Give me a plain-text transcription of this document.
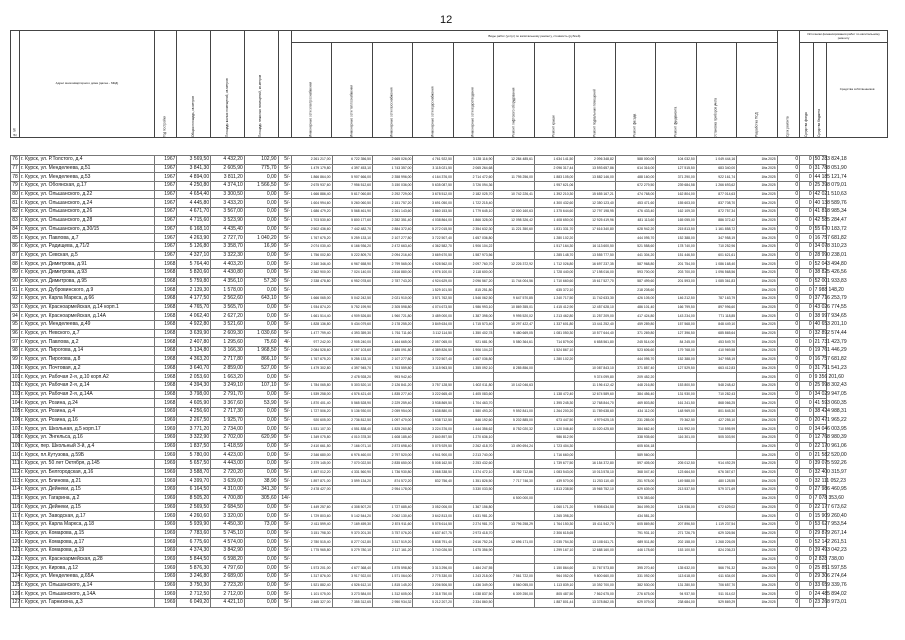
12
№ п/п	Адрес многоквартирного дома (далее - МКД)	Год постройки	Общая площадь, кв.метров	Площадь жилых помещений, кв.метров	Площадь нежилых помещений, кв.метров		Виды работ (услуг) по капитальному ремонту, стоимость (рублей)												Срок ремонта	Источники финансирования работ по капитальному ремонту		
							Инженерные сети электроснабжения	Инженерные сети теплоснабжения	Инженерные сети газоснабжения	Инженерные сети водоснабжения	Инженерные сети водоотведения	Ремонт лифтового оборудования	Ремонт крыши	Ремонт подвальных помещений	Ремонт фасада	Ремонт фундамента	Установка приборов учета	Разработка ПСД		Средства фонда	Средства бюджета	Средства собственников
76	г. Курск, ул. Р.Толстого, д.4	1967	3 569,50	4 432,20	102,90	5/-	2 261 217,00	6 722 356,50	2 665 026,00	4 761 922,50	3 135 116,90	12 284 485,61	1 634 141,50	2 096 348,82	588 000,00	104 032,50	1 049 444,16	1Кв.2025	0	0	50 283 824,18
77	г. Курск, ул. Менделеева, д.51	1967	3 841,30	2 605,90	775,70	5/-	1 479 179,80	4 397 453,10	1 743 357,00	3 115 021,50	2 065 264,68		2 096 317,44	13 593 657,86	614 316,00	127 515,50	683 340,00	1Кв.2025	0	0	31 788 051,90
78	г. Курск, ул. Менделеева, д.53	1967	4 894,00	3 811,20	0,00	5/-	1 866 864,00	5 907 666,00	2 358 996,00	4 164 376,00	2 714 472,60	11 795 256,00	1 883 105,00	13 882 146,00	488 160,00	371 290,00	922 161,74	1Кв.2025	0	0	44 185 121,74
79	г. Курск, ул. Обоянская, д.17	1967	4 250,80	4 374,10	1 566,50	5/-	2 675 937,60	7 956 512,60	3 150 036,00	5 635 087,50	3 726 094,36		1 957 621,06		672 279,50	239 684,58	1 266 693,62	1Кв.2025	0	0	25 398 079,01
80	г. Курск, ул. Ольшанского, д.22	1967	4 654,40	3 300,50	0,00	5/-	1 666 886,40	5 617 060,80	2 292 729,00	3 678 512,00	2 182 025,70	10 742 226,41	1 392 210,30	15 655 167,21	474 768,00	162 804,00	877 014,63	1Кв.2025	0	0	42 021 510,63
81	г. Курск, ул. Ольшанского, д.24	1967	4 445,80	3 433,20	0,00	5/-	1 604 994,60	5 260 060,50	2 151 757,20	3 691 050,00	1 722 215,40		4 300 432,60	12 350 123,40	453 471,60	155 603,00	837 708,70	1Кв.2025	0	0	40 138 589,76
82	г. Курск, ул. Ольшанского, д.26	1967	4 671,70	3 567,00	0,00	5/-	1 686 479,20	5 568 461,90	2 261 143,60	3 860 153,50	1 779 645,10	12 000 160,63	1 375 644,60	12 797 198,95	476 433,40	162 109,30	872 757,34	1Кв.2025	0	0	41 818 985,34
83	г. Курск, ул. Ольшанского, д.28	1967	4 715,60	3 523,90	0,00	5/-	1 703 530,60	5 800 177,60	2 282 351,40	4 038 864,00	1 866 328,00	12 098 326,42	1 408 650,00	12 925 419,96	481 113,60	165 055,00	886 372,42	1Кв.2025	0	0	42 585 284,47
84	г. Курск, ул. Ольшанского, д.30/15	1967	6 168,10	4 435,40	0,00	5/-	2 502 436,60	7 442 482,70	2 884 372,40	5 272 015,50	2 354 632,30	11 221 350,60	1 831 331,70	17 616 340,80	628 942,20	215 813,50	1 161 858,72	1Кв.2025	0	0	55 670 183,72
85	г. Курск, ул. Павлова, д.7	1967	4 263,90	2 727,70	1 040,20	5/-	1 767 675,20	5 259 133,10	2 107 277,80	3 722 507,40	1 657 036,80		1 280 102,20		444 095,70	152 388,00	347 958,19	1Кв.2025	0	0	16 757 681,82
86	г. Курск, ул. Радищева, д.71/2	1967	5 126,80	3 358,70	16,90	5/-	2 074 030,40	6 166 936,20	2 472 663,40	4 362 582,70	1 906 104,22		1 517 164,30	16 113 600,50	521 558,60	178 740,00	710 252,96	1Кв.2025	0	0	34 078 310,23
87	г. Курск, ул. Севская, д.5	1967	4 327,10	3 322,30	0,00	5/-	1 756 002,80	5 222 809,70	2 094 216,40	3 669 670,50	1 587 973,56		1 285 148,70	13 555 777,50	441 304,20	151 446,50	601 621,61	1Кв.2025	0	0	28 990 238,01
88	г. Курск, ул. Димитрова, д.91	1968	5 764,40	4 403,20	0,00	5/-	2 340 346,40	6 967 658,90	2 799 565,00	4 928 562,00	2 097 760,70	12 226 372,92	1 712 026,80	16 697 237,35	587 968,80	201 754,00	1 086 168,40	1Кв.2025	0	0	52 043 494,80
89	г. Курск, ул. Димитрова, д.93	1968	5 820,60	4 430,80	0,00	5/-	2 362 900,00	7 024 140,00	2 816 880,00	4 976 100,00	2 118 600,00		1 728 440,00	17 198 016,00	593 700,00	203 700,00	1 096 568,56	1Кв.2025	0	0	38 825 426,56
90	г. Курск, ул. Димитрова, д.95	1968	5 759,80	4 356,10	57,30	5/-	2 338 478,80	6 952 078,60	2 787 743,20	4 924 629,00	2 096 567,20	11 744 004,56	1 710 660,60	15 617 527,70	587 499,60	201 593,00	1 085 361,83	1Кв.2025	0	0	52 001 933,83
91	г. Курск, ул. Дубровинского, д.9	1968	2 139,30	1 578,00	0,00	5/-				1 529 101,50	815 251,80		635 372,10		218 208,60			1Кв.2025	0	0	7 988 148,20
92	г. Курск, ул. Карла Маркса, д.66	1968	4 177,50	2 562,60	643,10	5/-	1 666 065,00	5 042 242,50	2 021 910,00	3 571 762,50	1 546 062,50	9 647 570,85	1 240 717,50	11 742 633,30	426 105,00	146 212,50	787 163,79	1Кв.2025	0	0	37 716 253,79
93	г. Курск, ул. Красноармейская, д.14 корп.1	1968	4 765,70	3 565,70	0,00	5/-	1 934 874,20	5 752 199,90	2 305 598,80	4 074 673,50	1 986 993,10	10 869 355,01	1 415 412,90	12 457 628,10	486 101,40	166 799,50	897 996,60	1Кв.2025	0	0	43 026 774,55
94	г. Курск, ул. Красноармейская, д.14А	1968	4 062,40	2 627,20	0,00	5/-	1 661 514,40	4 909 526,80	1 960 721,80	3 489 000,00	1 387 398,00	9 995 520,02	1 213 462,80	11 257 209,00	417 424,80	143 234,00	771 118,85	1Кв.2025	0	0	38 997 934,65
95	г. Курск, ул. Менделеева, д.49	1968	4 922,80	3 521,60	0,00	5/-	1 828 136,80	5 434 079,60	2 178 255,20	3 849 634,00	1 715 573,40	10 297 422,47	1 337 601,80	13 441 252,40	459 289,80	157 568,00	848 449,10	1Кв.2025	0	0	40 653 201,10
96	г. Курск, ул. Невского, д.7	1968	3 639,90	2 609,30	1 030,60	5/-	1 477 799,40	4 393 359,30	1 761 711,60	3 112 114,50	1 350 402,78	9 480 669,05	1 081 050,30	10 577 644,40	371 269,80	127 396,50	685 865,64	1Кв.2025	0	0	32 892 574,44
97	г. Курск, ул. Павлова, д.2	1968	2 407,80	1 295,60	75,60	4/-	977 242,00	2 905 240,00	1 164 665,00	2 057 065,00	921 681,90	5 580 364,61	714 879,00	6 658 561,80	245 514,00	84 245,00	453 549,70	1Кв.2025	0	0	21 731 423,79
98	г. Курск, ул. Пирогова, д.14	1968	5 134,80	3 166,30	1 968,50	5/-	2 084 528,60	6 197 103,60	2 485 091,80	4 389 826,50	1 906 104,22		1 524 867,10		523 606,60	179 768,00	410 969,58	1Кв.2025	0	0	19 761 446,29
99	г. Курск, ул. Пирогова, д.8	1968	4 363,20	2 717,80	866,10	5/-	1 767 675,20	5 255 133,10	2 107 277,80	3 722 507,40	1 657 036,80		1 280 102,20		444 095,70	152 388,00	347 958,19	1Кв.2025	0	0	16 757 681,82
100	г. Курск, ул. Почтовая, д.2	1968	3 640,70	2 859,00	527,00	5/-	1 479 302,80	4 397 945,70	1 763 559,80	3 115 963,50	1 355 092,10	8 285 856,00		10 087 843,10	371 857,40	127 529,50	663 412,83	1Кв.2025	0	0	31 791 541,23
101	г. Курск, ул. Рабочая 2-я, д.10 корп.А2	1968	2 053,60	1 663,20	0,00	5/-		2 478 928,20	993 942,40					9 374 099,80	209 452,20			1Кв.2025	0	0	9 356 201,60
102	г. Курск, ул. Рабочая 2-я, д.14	1968	4 394,30	3 249,10	107,10	5/-	1 784 065,80	5 303 520,10	2 126 841,20	3 757 128,50	1 602 011,80	10 142 046,63		11 196 412,42	448 216,80	153 800,50	548 248,42	1Кв.2025	0	0	25 998 302,43
103	г. Курск, ул. Рабочая 2-я, д.14А	1968	3 798,00	2 791,70	0,00	5/-	1 539 258,00	4 576 421,40	1 835 277,40	3 222 665,40	1 405 083,60		1 138 472,40	12 674 589,60	384 456,40	131 930,00	710 282,43	1Кв.2025	0	0	34 029 947,05
104	г. Курск, ул. Розина, д.24	1968	4 605,90	3 367,60	53,90	5/-	1 870 401,40	5 565 528,90	2 229 259,40	3 938 869,50	1 704 463,70		1 395 245,30	12 768 844,70	469 803,80	161 241,50	868 066,25	1Кв.2025	0	0	41 593 060,35
105	г. Курск, ул. Розина, д.4	1969	4 256,60	2 717,30	0,00	5/-	1 727 506,20	5 136 930,00	2 059 954,00	3 638 880,00	1 580 493,20	9 592 841,00	1 264 200,20	11 789 638,60	434 112,00	148 969,00	801 845,30	1Кв.2025	0	0	38 424 988,31
106	г. Курск, ул. Розина, д.16	1969	2 267,50	1 925,70	0,00	5/-	920 605,00	2 736 812,50	1 097 470,00	1 938 712,50	846 192,60	5 202 885,00	673 447,50	4 979 625,15	231 285,00	79 362,50	427 255,10	1Кв.2025	0	0	20 471 965,22
107	г. Курск, ул. Школьная, д.5 корп.17	1969	3 771,20	2 734,00	0,00	5/-	1 531 107,30	4 551 838,40	1 825 260,80	3 224 376,00	1 444 356,62	8 752 020,32	1 120 046,40	11 020 425,60	384 662,40	131 992,00	710 595,99	1Кв.2025	0	0	34 046 003,95
108	г. Курск, ул. Энгельса, д.16	1969	3 322,90	2 702,00	620,90	5/-	1 349 075,80	4 010 378,30	1 608 185,40	2 840 897,50	1 270 636,10		986 812,90		338 935,60	116 301,00	505 303,90	1Кв.2025	0	0	12 768 980,39
109	г. Курск, пер. Школьный 3-й, д.4	1969	1 837,50	1 418,59	0,00	5/-	2 410 661,50	7 166 071,10	2 873 698,40	5 075 929,50	2 262 418,70	13 490 694,24	1 723 404,30		605 604,18			1Кв.2025	0	0	22 170 961,06
110	г. Курск, пл.Кутузова, д.59Б	1969	5 780,00	4 423,00	0,00	5/-	2 346 680,00	6 976 460,00	2 797 520,00	4 941 900,00	2 213 740,00		1 716 660,00		589 560,00			1Кв.2025	0	0	21 582 520,00
111	г. Курск, ул. 50 лет Октября, д.145	1969	5 657,50	4 443,00	0,00	5/-	2 379 145,00	7 070 022,50	2 835 650,00	5 008 162,50	2 253 432,60		1 739 677,50	16 154 372,80	597 405,00	205 012,50	914 492,29	1Кв.2025	0	0	39 075 592,26
112	г. Курск, ул. Белгородская, д.16	1969	3 588,70	2 720,20	0,00	5/-	1 457 012,20	4 331 560,90	1 736 930,80	3 068 338,50	1 374 472,10	8 352 712,86	1 083 543,00	10 013 578,10	368 047,40	123 664,50	676 367,67	1Кв.2025	0	0	32 400 315,97
113	г. Курск, ул. Блинова, д.21	1969	4 399,70	3 639,00	38,90	5/-	1 897 871,00	3 599 134,20	874 572,20	832 756,40	1 351 826,50	7 717 746,30	439 570,00	11 253 110,40	251 978,00	149 588,00	480 128,55	1Кв.2025	0	0	32 111 052,23
114	г. Курск, ул. Дейнеки, д.15	1969	6 164,50	4 310,00	341,30	5/-	2 478 427,00		2 954 178,00		3 330 033,50		1 813 238,50	15 965 752,10	629 639,00	213 537,50	579 371,69	1Кв.2025	0	0	27 986 460,95
115	г. Курск, ул. Гагарина, д.2	1969	8 505,20	4 700,80	305,60	14/-						6 500 000,00			578 353,60			1Кв.2025	0	0	7 078 353,60
116	г. Курск, ул. Дейнеки, д.15	1969	2 569,50	2 684,50	0,00	5/-	1 449 257,60	4 308 507,20	1 727 685,40	3 052 006,00	1 367 156,80		1 060 171,20	9 598 634,50	364 099,20	124 936,00	672 629,02	1Кв.2025	0	0	22 177 673,62
117	г. Курск, ул. Заводская, д.17	1969	4 260,60	3 320,00	0,00	5/-	1 729 803,60	5 142 544,20	2 062 130,40	3 642 813,00	1 631 981,20		1 265 398,20		434 581,20			1Кв.2025	0	0	15 909 260,40
118	г. Курск, ул. Карла Маркса, д.18	1969	5 939,90	4 450,30	73,00	5/-	2 411 599,40	7 169 459,30	2 874 911,60	5 078 614,50	2 274 981,70	13 796 258,29	1 764 150,30	15 411 542,70	605 869,80	207 896,50	1 119 237,54	1Кв.2025	0	0	53 627 953,54
119	г. Курск, ул. Комарова, д.15	1969	7 783,60	5 745,10	0,00	5/-	3 151 798,30	9 370 201,30	3 757 076,20	6 637 407,75	2 973 418,70		2 306 615,65		791 931,10	271 726,75	629 326,56	1Кв.2025	0	0	29 879 267,14
120	г. Курск, ул. Комарова, д.17	1969	6 775,60	4 574,00	0,00	5/-	2 780 515,40	8 277 012,80	3 317 519,20	5 838 791,40	2 616 752,24	12 696 171,00	2 035 754,30	13 108 611,71	689 511,80	202 158,00	1 268 226,05	1Кв.2025	0	0	52 142 261,51
121	г. Курск, ул. Комарова, д.19	1969	4 374,30	3 842,90	0,00	5/-	1 775 965,80	5 279 780,10	2 117 161,20	3 740 026,50	1 675 356,90		1 299 167,10	12 688 160,00	446 178,60	153 100,50	824 236,23	1Кв.2025	0	0	39 493 042,23
122	г. Курск, ул. Красноармейская, д.28	1969	5 844,50	6 598,20	0,00	5/-												1Кв.2025	0	0	2 828 738,00
123	г. Курск, ул. Кирова, д.12	1969	5 876,30	4 797,60	0,00	5/-	1 573 201,00	4 677 368,40	1 875 598,80	3 313 296,00	1 484 247,55		1 150 864,60	11 767 573,80	395 270,40	135 632,00	566 791,32	1Кв.2025	0	0	25 851 597,55
124	г. Курск, ул. Менделеева, д.65А	1969	3 246,80	2 689,00	0,00	5/-	1 317 876,00	3 917 922,00	1 571 064,00	2 775 330,00	1 243 218,00	7 561 722,00	964 052,00	9 800 660,00	331 092,00	113 618,00	611 634,00	1Кв.2025	0	0	29 306 274,64
125	г. Курск, ул. Ольшанского, д.14	1969	3 750,30	2 723,20	0,00	5/-	1 521 882,40	4 526 612,10	1 815 145,20	3 206 506,50	1 436 349,00	8 560 055,00	1 113 839,10	10 392 700,00	382 530,00	131 280,50	706 657,70	1Кв.2025	0	0	33 659 339,76
126	г. Курск, ул. Ольшанского, д.14А	1969	2 712,50	2 712,00	0,00	5/-	1 101 075,00	3 273 584,00	1 312 605,00	2 318 750,00	1 038 837,50	6 309 250,00	805 487,50	7 562 675,00	276 675,00	94 937,50	511 014,02	1Кв.2025	0	0	24 485 894,02
127	г. Курск, ул. Гарнизона, д.3	1969	6 049,20	4 421,10	0,00	5/-	2 465 327,00	7 355 312,65	2 950 934,32	5 212 207,20	2 334 860,50		1 887 801,44	13 378 862,05	629 079,00	238 684,00	529 869,29	1Кв.2025	0	0	23 268 973,01
